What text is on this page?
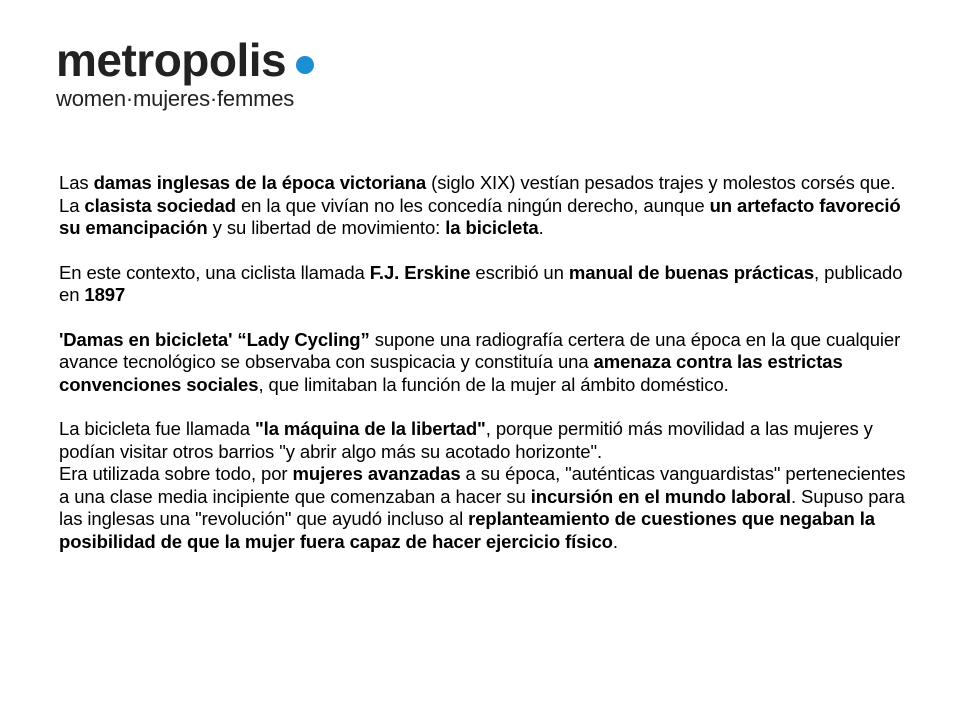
metropolis
women·mujeres·femmes

Las damas inglesas de la época victoriana (siglo XIX) vestían pesados trajes y molestos corsés que. La clasista sociedad en la que vivían no les concedía ningún derecho, aunque un artefacto favoreció su emancipación y su libertad de movimiento: la bicicleta.

En este contexto, una ciclista llamada F.J. Erskine escribió un manual de buenas prácticas, publicado en 1897

'Damas en bicicleta' “Lady Cycling” supone una radiografía certera de una época en la que cualquier avance tecnológico se observaba con suspicacia y constituía una amenaza contra las estrictas convenciones sociales, que limitaban la función de la mujer al ámbito doméstico.

La bicicleta fue llamada "la máquina de la libertad", porque permitió más movilidad a las mujeres y podían visitar otros barrios "y abrir algo más su acotado horizonte".

Era utilizada sobre todo, por mujeres avanzadas a su época, "auténticas vanguardistas" pertenecientes a una clase media incipiente que comenzaban a hacer su incursión en el mundo laboral. Supuso para las inglesas una "revolución" que ayudó incluso al replanteamiento de cuestiones que negaban la posibilidad de que la mujer fuera capaz de hacer ejercicio físico.
